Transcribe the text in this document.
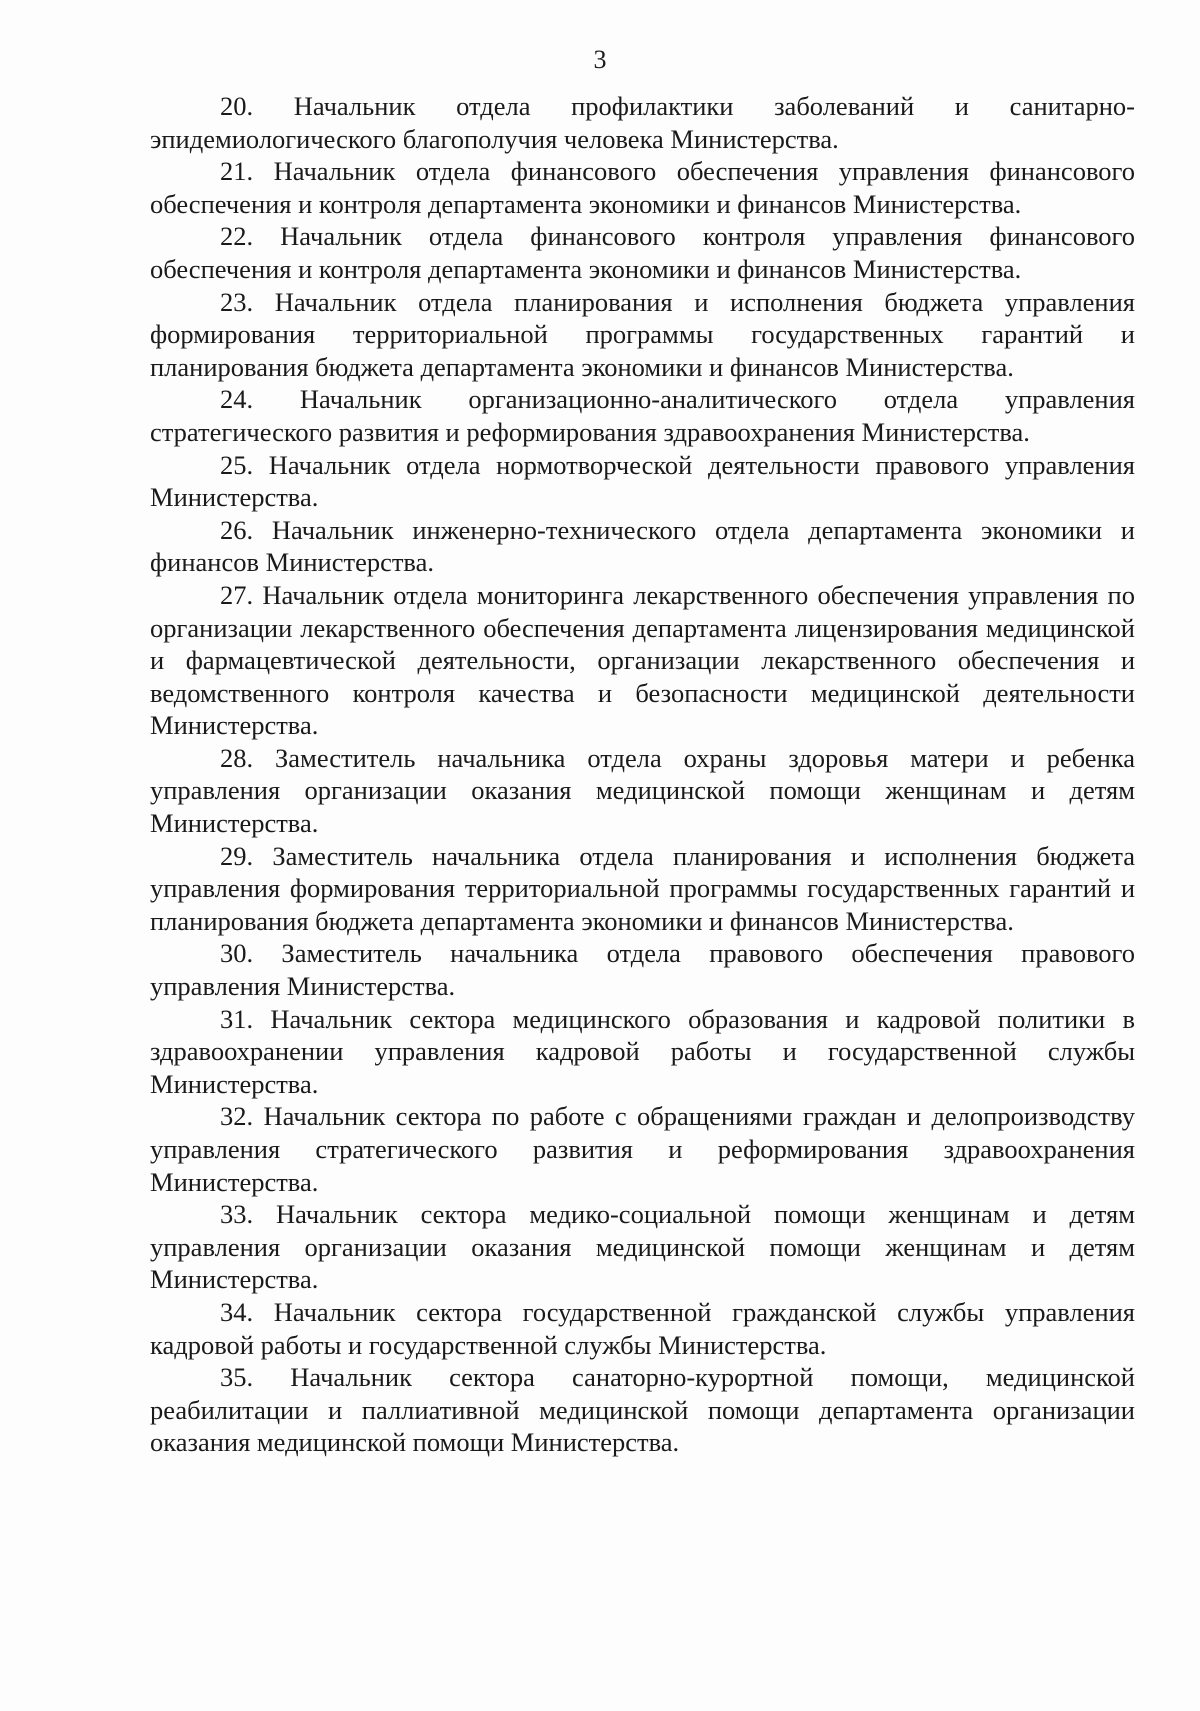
3

20. Начальник отдела профилактики заболеваний и санитарно-эпидемиологического благополучия человека Министерства.

21. Начальник отдела финансового обеспечения управления финансового обеспечения и контроля департамента экономики и финансов Министерства.

22. Начальник отдела финансового контроля управления финансового обеспечения и контроля департамента экономики и финансов Министерства.

23. Начальник отдела планирования и исполнения бюджета управления формирования территориальной программы государственных гарантий и планирования бюджета департамента экономики и финансов Министерства.

24. Начальник организационно-аналитического отдела управления стратегического развития и реформирования здравоохранения Министерства.

25. Начальник отдела нормотворческой деятельности правового управления Министерства.

26. Начальник инженерно-технического отдела департамента экономики и финансов Министерства.

27. Начальник отдела мониторинга лекарственного обеспечения управления по организации лекарственного обеспечения департамента лицензирования медицинской и фармацевтической деятельности, организации лекарственного обеспечения и ведомственного контроля качества и безопасности медицинской деятельности Министерства.

28. Заместитель начальника отдела охраны здоровья матери и ребенка управления организации оказания медицинской помощи женщинам и детям Министерства.

29. Заместитель начальника отдела планирования и исполнения бюджета управления формирования территориальной программы государственных гарантий и планирования бюджета департамента экономики и финансов Министерства.

30. Заместитель начальника отдела правового обеспечения правового управления Министерства.

31. Начальник сектора медицинского образования и кадровой политики в здравоохранении управления кадровой работы и государственной службы Министерства.

32. Начальник сектора по работе с обращениями граждан и делопроизводству управления стратегического развития и реформирования здравоохранения Министерства.

33. Начальник сектора медико-социальной помощи женщинам и детям управления организации оказания медицинской помощи женщинам и детям Министерства.

34. Начальник сектора государственной гражданской службы управления кадровой работы и государственной службы Министерства.

35. Начальник сектора санаторно-курортной помощи, медицинской реабилитации и паллиативной медицинской помощи департамента организации оказания медицинской помощи Министерства.
